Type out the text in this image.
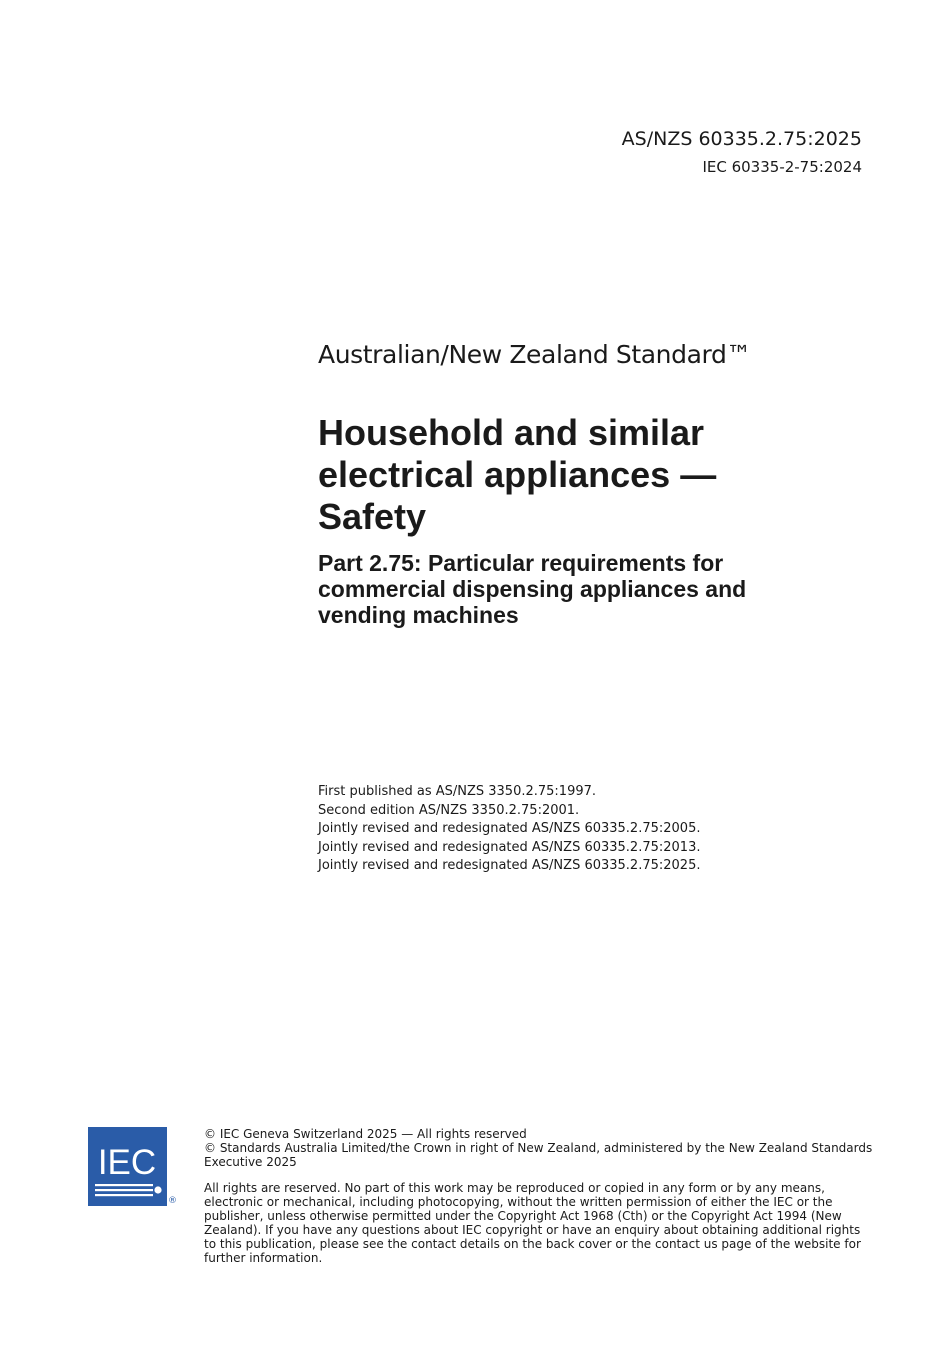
AS/NZS 60335.2.75:2025
IEC 60335-2-75:2024
Australian/New Zealand Standard™
Household and similar
electrical appliances —
Safety
Part 2.75: Particular requirements for
commercial dispensing appliances and
vending machines
First published as AS/NZS 3350.2.75:1997.
Second edition AS/NZS 3350.2.75:2001.
Jointly revised and redesignated AS/NZS 60335.2.75:2005.
Jointly revised and redesignated AS/NZS 60335.2.75:2013.
Jointly revised and redesignated AS/NZS 60335.2.75:2025.
IEC
®
© IEC Geneva Switzerland 2025 — All rights reserved
© Standards Australia Limited/the Crown in right of New Zealand, administered by the New Zealand Standards Executive 2025
All rights are reserved. No part of this work may be reproduced or copied in any form or by any means, electronic or mechanical, including photocopying, without the written permission of either the IEC or the publisher, unless otherwise permitted under the Copyright Act 1968 (Cth) or the Copyright Act 1994 (New Zealand). If you have any questions about IEC copyright or have an enquiry about obtaining additional rights to this publication, please see the contact details on the back cover or the contact us page of the website for further information.
